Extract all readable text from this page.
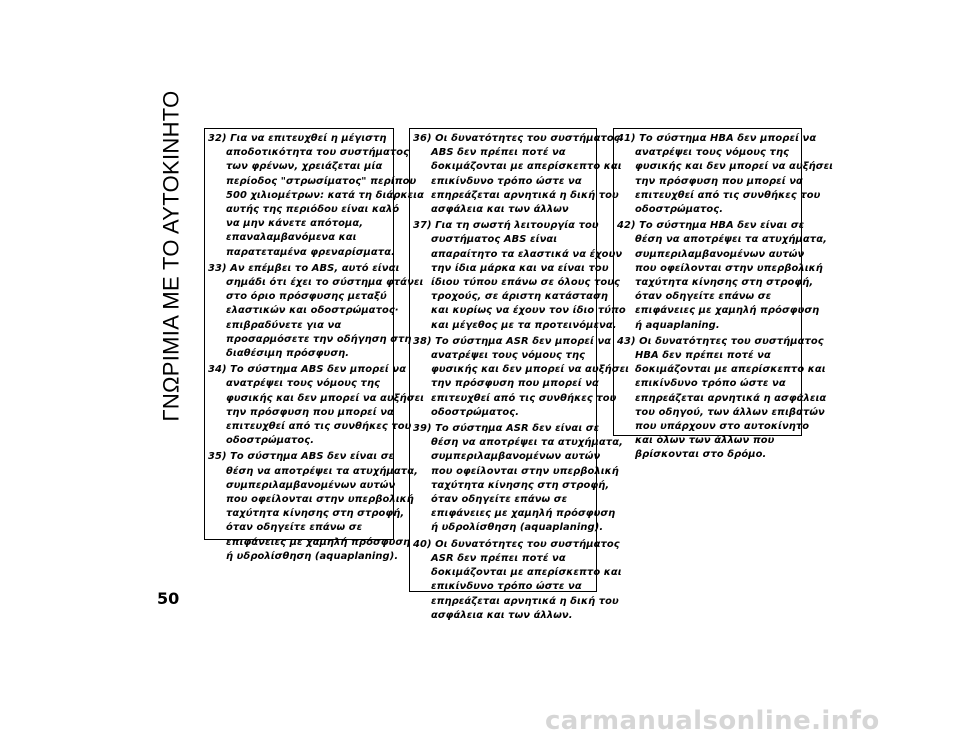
ΓΝΩΡΙΜΙΑ ΜΕ ΤΟ ΑΥΤΟΚΙΝΗΤΟ 32) Για να επιτευχθεί η μέγιστη
αποδοτικότητα του συστήματος
των φρένων, χρειάζεται μία
περίοδος "στρωσίματος" περίπου
500 χιλιομέτρων: κατά τη διάρκεια
αυτής της περιόδου είναι καλό
να μην κάνετε απότομα,
επαναλαμβανόμενα και
παρατεταμένα φρεναρίσματα.
33) Αν επέμβει το ABS, αυτό είναι
σημάδι ότι έχει το σύστημα φτάνει
στο όριο πρόσφυσης μεταξύ
ελαστικών και οδοστρώματος·
επιβραδύνετε για να
προσαρμόσετε την οδήγηση στη
διαθέσιμη πρόσφυση.
34) Το σύστημα ABS δεν μπορεί να
ανατρέψει τους νόμους της
φυσικής και δεν μπορεί να αυξήσει
την πρόσφυση που μπορεί να
επιτευχθεί από τις συνθήκες του
οδοστρώματος.
35) Το σύστημα ABS δεν είναι σε
θέση να αποτρέψει τα ατυχήματα,
συμπεριλαμβανομένων αυτών
που οφείλονται στην υπερβολική
ταχύτητα κίνησης στη στροφή,
όταν οδηγείτε επάνω σε
επιφάνειες με χαμηλή πρόσφυση
ή υδρολίσθηση (aquaplaning).
36) Οι δυνατότητες του συστήματος
ABS δεν πρέπει ποτέ να
δοκιμάζονται με απερίσκεπτο και
επικίνδυνο τρόπο ώστε να
επηρεάζεται αρνητικά η δική του
ασφάλεια και των άλλων
37) Για τη σωστή λειτουργία του
συστήματος ABS είναι
απαραίτητο τα ελαστικά να έχουν
την ίδια μάρκα και να είναι του
ίδιου τύπου επάνω σε όλους τους
τροχούς, σε άριστη κατάσταση
και κυρίως να έχουν τον ίδιο τύπο
και μέγεθος με τα προτεινόμενα.
38) Το σύστημα ASR δεν μπορεί να
ανατρέψει τους νόμους της
φυσικής και δεν μπορεί να αυξήσει
την πρόσφυση που μπορεί να
επιτευχθεί από τις συνθήκες του
οδοστρώματος.
39) Το σύστημα ASR δεν είναι σε
θέση να αποτρέψει τα ατυχήματα,
συμπεριλαμβανομένων αυτών
που οφείλονται στην υπερβολική
ταχύτητα κίνησης στη στροφή,
όταν οδηγείτε επάνω σε
επιφάνειες με χαμηλή πρόσφυση
ή υδρολίσθηση (aquaplaning).
40) Οι δυνατότητες του συστήματος
ASR δεν πρέπει ποτέ να
δοκιμάζονται με απερίσκεπτο και
επικίνδυνο τρόπο ώστε να
επηρεάζεται αρνητικά η δική του
ασφάλεια και των άλλων.
41) Το σύστημα HBA δεν μπορεί να
ανατρέψει τους νόμους της
φυσικής και δεν μπορεί να αυξήσει
την πρόσφυση που μπορεί να
επιτευχθεί από τις συνθήκες του
οδοστρώματος.
42) Το σύστημα HBA δεν είναι σε
θέση να αποτρέψει τα ατυχήματα,
συμπεριλαμβανομένων αυτών
που οφείλονται στην υπερβολική
ταχύτητα κίνησης στη στροφή,
όταν οδηγείτε επάνω σε
επιφάνειες με χαμηλή πρόσφυση
ή aquaplaning.
43) Οι δυνατότητες του συστήματος
HBA δεν πρέπει ποτέ να
δοκιμάζονται με απερίσκεπτο και
επικίνδυνο τρόπο ώστε να
επηρεάζεται αρνητικά η ασφάλεια
του οδηγού, των άλλων επιβατών
που υπάρχουν στο αυτοκίνητο
και όλων των άλλων που
βρίσκονται στο δρόμο.
50
carmanualsonline.info
